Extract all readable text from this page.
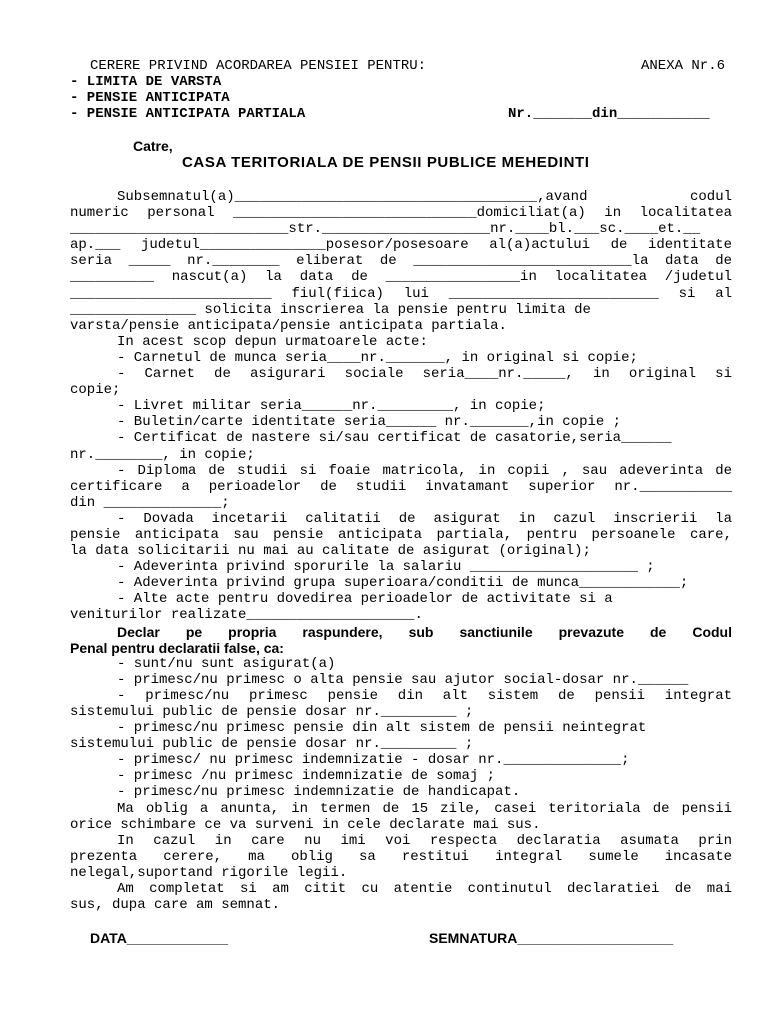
CERERE PRIVIND ACORDAREA PENSIEI PENTRU:	ANEXA Nr.6
- LIMITA DE VARSTA
- PENSIE ANTICIPATA
- PENSIE ANTICIPATA PARTIALA	Nr._______din___________
Catre,
CASA TERITORIALA DE PENSII PUBLICE MEHEDINTI
Subsemnatul(a)____________________________________,avand codul
numeric personal _____________________________domiciliat(a) in localitatea
__________________________str.____________________nr.____bl.___sc.____et.__
ap.___ judetul_______________posesor/posesoare al(a)actului de identitate
seria _____ nr.________ eliberat de __________________________la data de
__________ nascut(a) la data de ________________in localitatea /judetul
________________________ fiul(fiica) lui _________________________ si al
_______________ solicita inscrierea la pensie pentru limita de
varsta/pensie anticipata/pensie anticipata partiala.
In acest scop depun urmatoarele acte:
- Carnetul de munca seria____nr._______, in original si copie;
- Carnet de asigurari sociale seria____nr._____, in original si
copie;
- Livret militar seria______nr._________, in copie;
- Buletin/carte identitate seria______ nr._______,in copie ;
- Certificat de nastere si/sau certificat de casatorie,seria______
nr.________, in copie;
- Diploma de studii si foaie matricola, in copii , sau adeverinta de
certificare a perioadelor de studii invatamant superior nr.___________
din ______________;
- Dovada incetarii calitatii de asigurat in cazul inscrierii la
pensie anticipata sau pensie anticipata partiala, pentru persoanele care,
la data solicitarii nu mai au calitate de asigurat (original);
- Adeverinta privind sporurile la salariu ____________________ ;
- Adeverinta privind grupa superioara/conditii de munca____________;
- Alte acte pentru dovedirea perioadelor de activitate si a
veniturilor realizate____________________.
Declar pe propria raspundere, sub sanctiunile prevazute de Codul
Penal pentru declaratii false, ca:
- sunt/nu sunt asigurat(a)
- primesc/nu primesc o alta pensie sau ajutor social-dosar nr.______
- primesc/nu primesc pensie din alt sistem de pensii integrat
sistemului public de pensie dosar nr._________ ;
- primesc/nu primesc pensie din alt sistem de pensii neintegrat
sistemului public de pensie dosar nr._________ ;
- primesc/ nu primesc indemnizatie - dosar nr.______________;
- primesc /nu primesc indemnizatie de somaj ;
- primesc/nu primesc indemnizatie de handicapat.
Ma oblig a anunta, in termen de 15 zile, casei teritoriala de pensii
orice schimbare ce va surveni in cele declarate mai sus.
In cazul in care nu imi voi respecta declaratia asumata prin
prezenta cerere, ma oblig sa restitui integral sumele incasate
nelegal,suportand rigorile legii.
Am completat si am citit cu atentie continutul declaratiei de mai
sus, dupa care am semnat.
DATA_____________	SEMNATURA____________________
